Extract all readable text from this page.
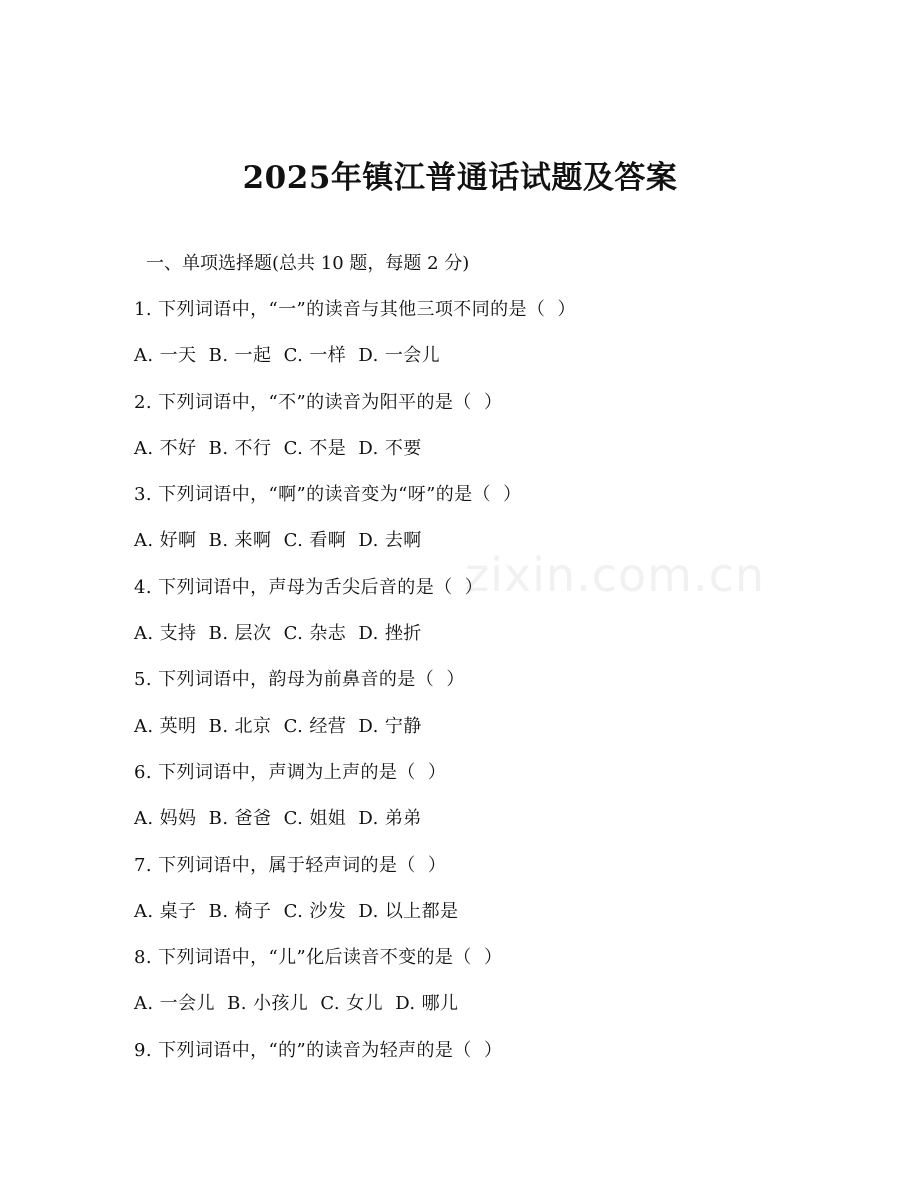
2025年镇江普通话试题及答案
一、单项选择题(总共 10 题，每题 2 分)
1. 下列词语中，“一”的读音与其他三项不同的是（  ）
A. 一天  B. 一起  C. 一样  D. 一会儿
2. 下列词语中，“不”的读音为阳平的是（  ）
A. 不好  B. 不行  C. 不是  D. 不要
3. 下列词语中，“啊”的读音变为“呀”的是（  ）
A. 好啊  B. 来啊  C. 看啊  D. 去啊
4. 下列词语中，声母为舌尖后音的是（  ）
A. 支持  B. 层次  C. 杂志  D. 挫折
5. 下列词语中，韵母为前鼻音的是（  ）
A. 英明  B. 北京  C. 经营  D. 宁静
6. 下列词语中，声调为上声的是（  ）
A. 妈妈  B. 爸爸  C. 姐姐  D. 弟弟
7. 下列词语中，属于轻声词的是（  ）
A. 桌子  B. 椅子  C. 沙发  D. 以上都是
8. 下列词语中，“儿”化后读音不变的是（  ）
A. 一会儿  B. 小孩儿  C. 女儿  D. 哪儿
9. 下列词语中，“的”的读音为轻声的是（  ）
zixin.com.cn
